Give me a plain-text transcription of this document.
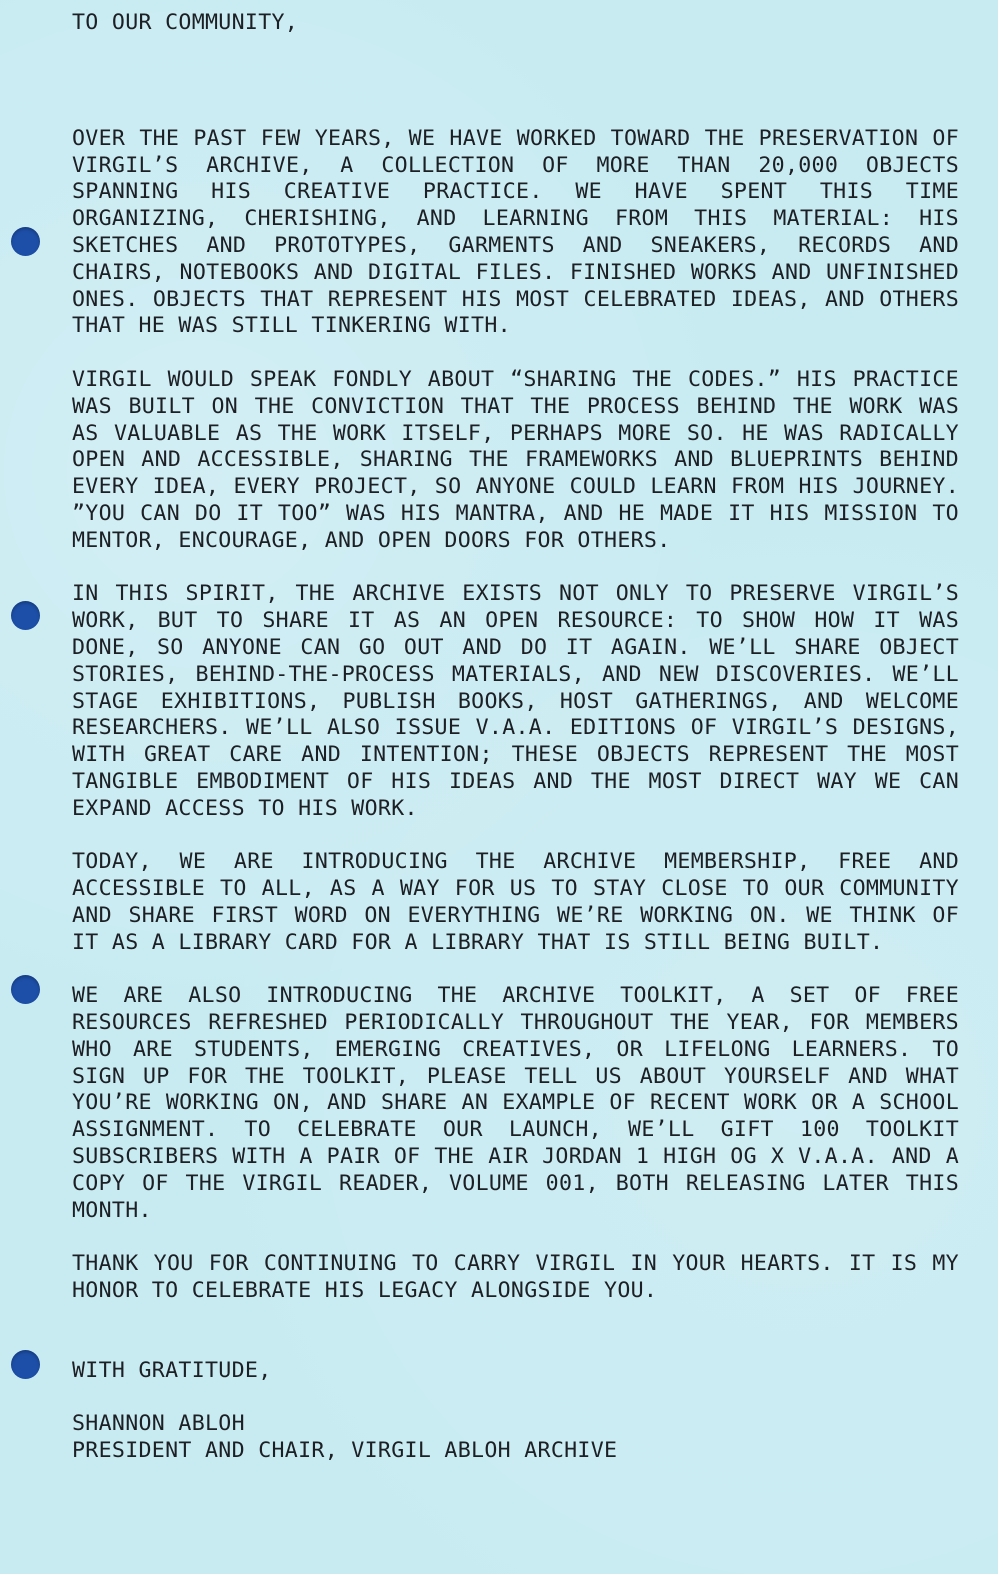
TO OUR COMMUNITY,

OVER THE PAST FEW YEARS, WE HAVE WORKED TOWARD THE PRESERVATION OF VIRGIL’S ARCHIVE, A COLLECTION OF MORE THAN 20,000 OBJECTS SPANNING HIS CREATIVE PRACTICE. WE HAVE SPENT THIS TIME ORGANIZING, CHERISHING, AND LEARNING FROM THIS MATERIAL: HIS SKETCHES AND PROTOTYPES, GARMENTS AND SNEAKERS, RECORDS AND CHAIRS, NOTEBOOKS AND DIGITAL FILES. FINISHED WORKS AND UNFINISHED ONES. OBJECTS THAT REPRESENT HIS MOST CELEBRATED IDEAS, AND OTHERS THAT HE WAS STILL TINKERING WITH.

VIRGIL WOULD SPEAK FONDLY ABOUT “SHARING THE CODES.” HIS PRACTICE WAS BUILT ON THE CONVICTION THAT THE PROCESS BEHIND THE WORK WAS AS VALUABLE AS THE WORK ITSELF, PERHAPS MORE SO. HE WAS RADICALLY OPEN AND ACCESSIBLE, SHARING THE FRAMEWORKS AND BLUEPRINTS BEHIND EVERY IDEA, EVERY PROJECT, SO ANYONE COULD LEARN FROM HIS JOURNEY. ”YOU CAN DO IT TOO” WAS HIS MANTRA, AND HE MADE IT HIS MISSION TO MENTOR, ENCOURAGE, AND OPEN DOORS FOR OTHERS.

IN THIS SPIRIT, THE ARCHIVE EXISTS NOT ONLY TO PRESERVE VIRGIL’S WORK, BUT TO SHARE IT AS AN OPEN RESOURCE: TO SHOW HOW IT WAS DONE, SO ANYONE CAN GO OUT AND DO IT AGAIN. WE’LL SHARE OBJECT STORIES, BEHIND-THE-PROCESS MATERIALS, AND NEW DISCOVERIES. WE’LL STAGE EXHIBITIONS, PUBLISH BOOKS, HOST GATHERINGS, AND WELCOME RESEARCHERS. WE’LL ALSO ISSUE V.A.A. EDITIONS OF VIRGIL’S DESIGNS, WITH GREAT CARE AND INTENTION; THESE OBJECTS REPRESENT THE MOST TANGIBLE EMBODIMENT OF HIS IDEAS AND THE MOST DIRECT WAY WE CAN EXPAND ACCESS TO HIS WORK.

TODAY, WE ARE INTRODUCING THE ARCHIVE MEMBERSHIP, FREE AND ACCESSIBLE TO ALL, AS A WAY FOR US TO STAY CLOSE TO OUR COMMUNITY AND SHARE FIRST WORD ON EVERYTHING WE’RE WORKING ON. WE THINK OF IT AS A LIBRARY CARD FOR A LIBRARY THAT IS STILL BEING BUILT.

WE ARE ALSO INTRODUCING THE ARCHIVE TOOLKIT, A SET OF FREE RESOURCES REFRESHED PERIODICALLY THROUGHOUT THE YEAR, FOR MEMBERS WHO ARE STUDENTS, EMERGING CREATIVES, OR LIFELONG LEARNERS. TO SIGN UP FOR THE TOOLKIT, PLEASE TELL US ABOUT YOURSELF AND WHAT YOU’RE WORKING ON, AND SHARE AN EXAMPLE OF RECENT WORK OR A SCHOOL ASSIGNMENT. TO CELEBRATE OUR LAUNCH, WE’LL GIFT 100 TOOLKIT SUBSCRIBERS WITH A PAIR OF THE AIR JORDAN 1 HIGH OG X V.A.A. AND A COPY OF THE VIRGIL READER, VOLUME 001, BOTH RELEASING LATER THIS MONTH.

THANK YOU FOR CONTINUING TO CARRY VIRGIL IN YOUR HEARTS. IT IS MY HONOR TO CELEBRATE HIS LEGACY ALONGSIDE YOU.

WITH GRATITUDE,

SHANNON ABLOH

PRESIDENT AND CHAIR, VIRGIL ABLOH ARCHIVE
